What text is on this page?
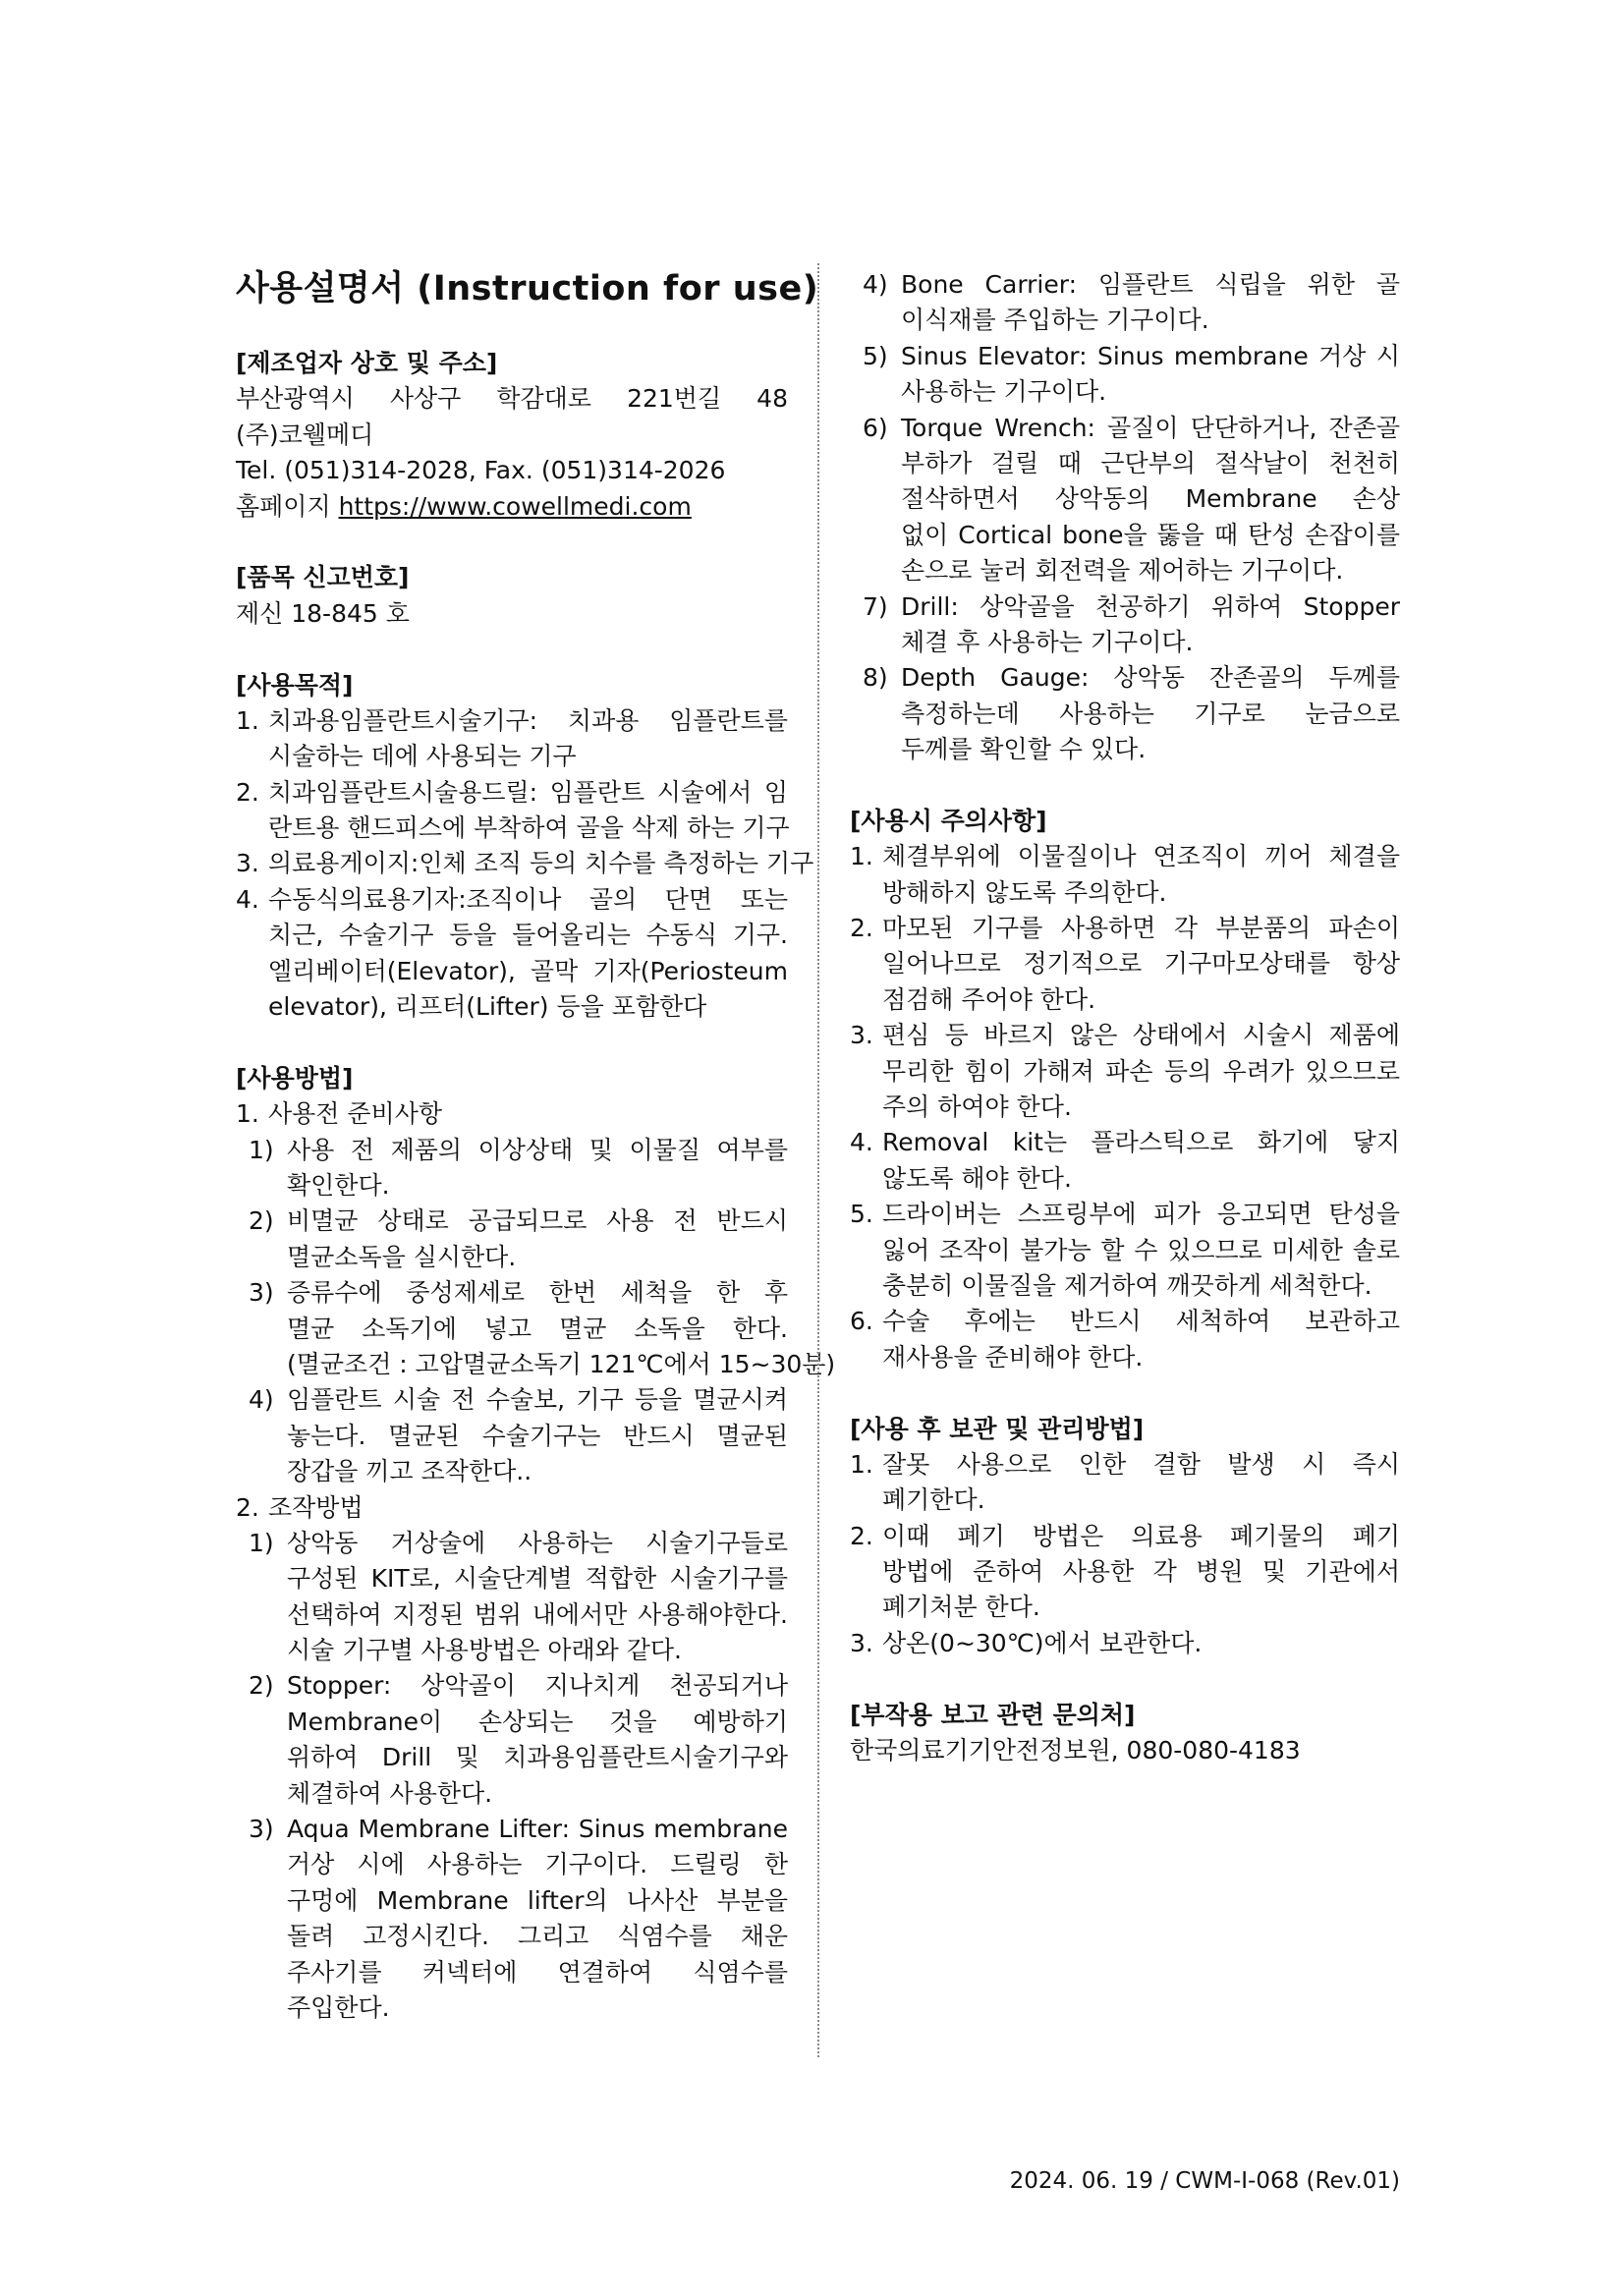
사용설명서 (Instruction for use)
[제조업자 상호 및 주소]
부산광역시 사상구 학감대로 221번길 48
(주)코웰메디
Tel. (051)314-2028, Fax. (051)314-2026
홈페이지 https://www.cowellmedi.com
[품목 신고번호]
제신 18-845 호
[사용목적]
1. 치과용임플란트시술기구: 치과용 임플란트를
시술하는 데에 사용되는 기구
2. 치과임플란트시술용드릴: 임플란트 시술에서 임
란트용 핸드피스에 부착하여 골을 삭제 하는 기구
3. 의료용게이지:인체 조직 등의 치수를 측정하는 기구
4. 수동식의료용기자:조직이나 골의 단면 또는
치근, 수술기구 등을 들어올리는 수동식 기구.
엘리베이터(Elevator), 골막 기자(Periosteum
elevator), 리프터(Lifter) 등을 포함한다
[사용방법]
1. 사용전 준비사항
1) 사용 전 제품의 이상상태 및 이물질 여부를
확인한다.
2) 비멸균 상태로 공급되므로 사용 전 반드시
멸균소독을 실시한다.
3) 증류수에 중성제세로 한번 세척을 한 후
멸균 소독기에 넣고 멸균 소독을 한다.
(멸균조건 : 고압멸균소독기 121℃에서 15~30분)
4) 임플란트 시술 전 수술보, 기구 등을 멸균시켜
놓는다. 멸균된 수술기구는 반드시 멸균된
장갑을 끼고 조작한다..
2. 조작방법
1) 상악동 거상술에 사용하는 시술기구들로
구성된 KIT로, 시술단계별 적합한 시술기구를
선택하여 지정된 범위 내에서만 사용해야한다.
시술 기구별 사용방법은 아래와 같다.
2) Stopper: 상악골이 지나치게 천공되거나
Membrane이 손상되는 것을 예방하기
위하여 Drill 및 치과용임플란트시술기구와
체결하여 사용한다.
3) Aqua Membrane Lifter: Sinus membrane
거상 시에 사용하는 기구이다. 드릴링 한
구멍에 Membrane lifter의 나사산 부분을
돌려 고정시킨다. 그리고 식염수를 채운
주사기를 커넥터에 연결하여 식염수를
주입한다.
4) Bone Carrier: 임플란트 식립을 위한 골
이식재를 주입하는 기구이다.
5) Sinus Elevator: Sinus membrane 거상 시
사용하는 기구이다.
6) Torque Wrench: 골질이 단단하거나, 잔존골
부하가 걸릴 때 근단부의 절삭날이 천천히
절삭하면서 상악동의 Membrane 손상
없이 Cortical bone을 뚫을 때 탄성 손잡이를
손으로 눌러 회전력을 제어하는 기구이다.
7) Drill: 상악골을 천공하기 위하여 Stopper
체결 후 사용하는 기구이다.
8) Depth Gauge: 상악동 잔존골의 두께를
측정하는데 사용하는 기구로 눈금으로
두께를 확인할 수 있다.
[사용시 주의사항]
1. 체결부위에 이물질이나 연조직이 끼어 체결을
방해하지 않도록 주의한다.
2. 마모된 기구를 사용하면 각 부분품의 파손이
일어나므로 정기적으로 기구마모상태를 항상
점검해 주어야 한다.
3. 편심 등 바르지 않은 상태에서 시술시 제품에
무리한 힘이 가해져 파손 등의 우려가 있으므로
주의 하여야 한다.
4. Removal kit는 플라스틱으로 화기에 닿지
않도록 해야 한다.
5. 드라이버는 스프링부에 피가 응고되면 탄성을
잃어 조작이 불가능 할 수 있으므로 미세한 솔로
충분히 이물질을 제거하여 깨끗하게 세척한다.
6. 수술 후에는 반드시 세척하여 보관하고
재사용을 준비해야 한다.
[사용 후 보관 및 관리방법]
1. 잘못 사용으로 인한 결함 발생 시 즉시
폐기한다.
2. 이때 폐기 방법은 의료용 폐기물의 폐기
방법에 준하여 사용한 각 병원 및 기관에서
폐기처분 한다.
3. 상온(0~30℃)에서 보관한다.
[부작용 보고 관련 문의처]
한국의료기기안전정보원, 080-080-4183
2024. 06. 19 / CWM-I-068 (Rev.01)
